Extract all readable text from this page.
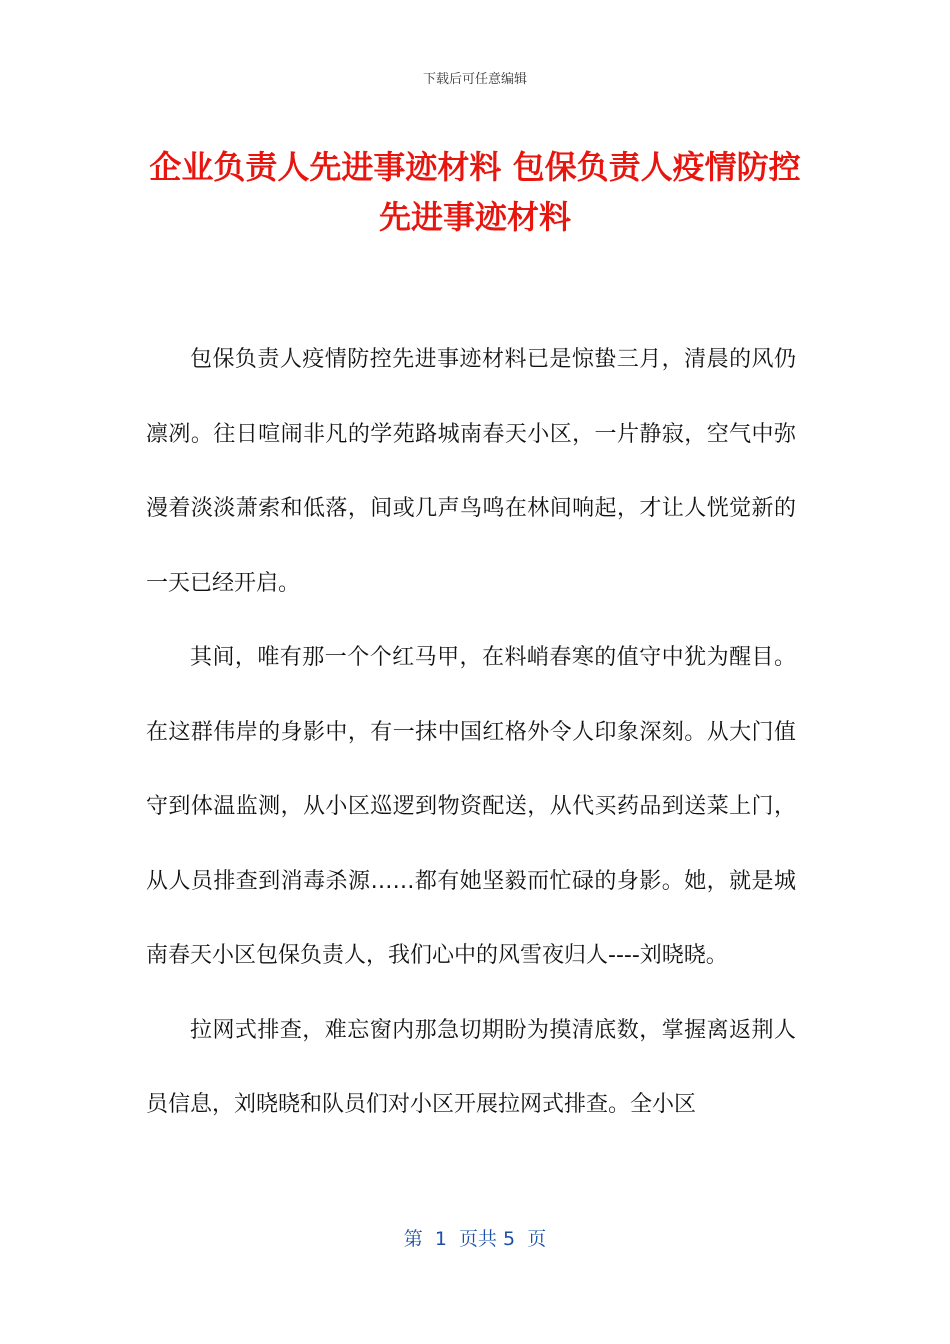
下载后可任意编辑
企业负责人先进事迹材料 包保负责人疫情防控先进事迹材料

包保负责人疫情防控先进事迹材料已是惊蛰三月，清晨的风仍凛冽。往日喧闹非凡的学苑路城南春天小区，一片静寂，空气中弥漫着淡淡萧索和低落，间或几声鸟鸣在林间响起，才让人恍觉新的一天已经开启。

其间，唯有那一个个红马甲，在料峭春寒的值守中犹为醒目。在这群伟岸的身影中，有一抹中国红格外令人印象深刻。从大门值守到体温监测，从小区巡逻到物资配送，从代买药品到送菜上门，从人员排查到消毒杀源……都有她坚毅而忙碌的身影。她，就是城南春天小区包保负责人，我们心中的风雪夜归人----刘晓晓。

拉网式排查，难忘窗内那急切期盼为摸清底数，掌握离返荆人员信息，刘晓晓和队员们对小区开展拉网式排查。全小区

第  1  页共 5  页
